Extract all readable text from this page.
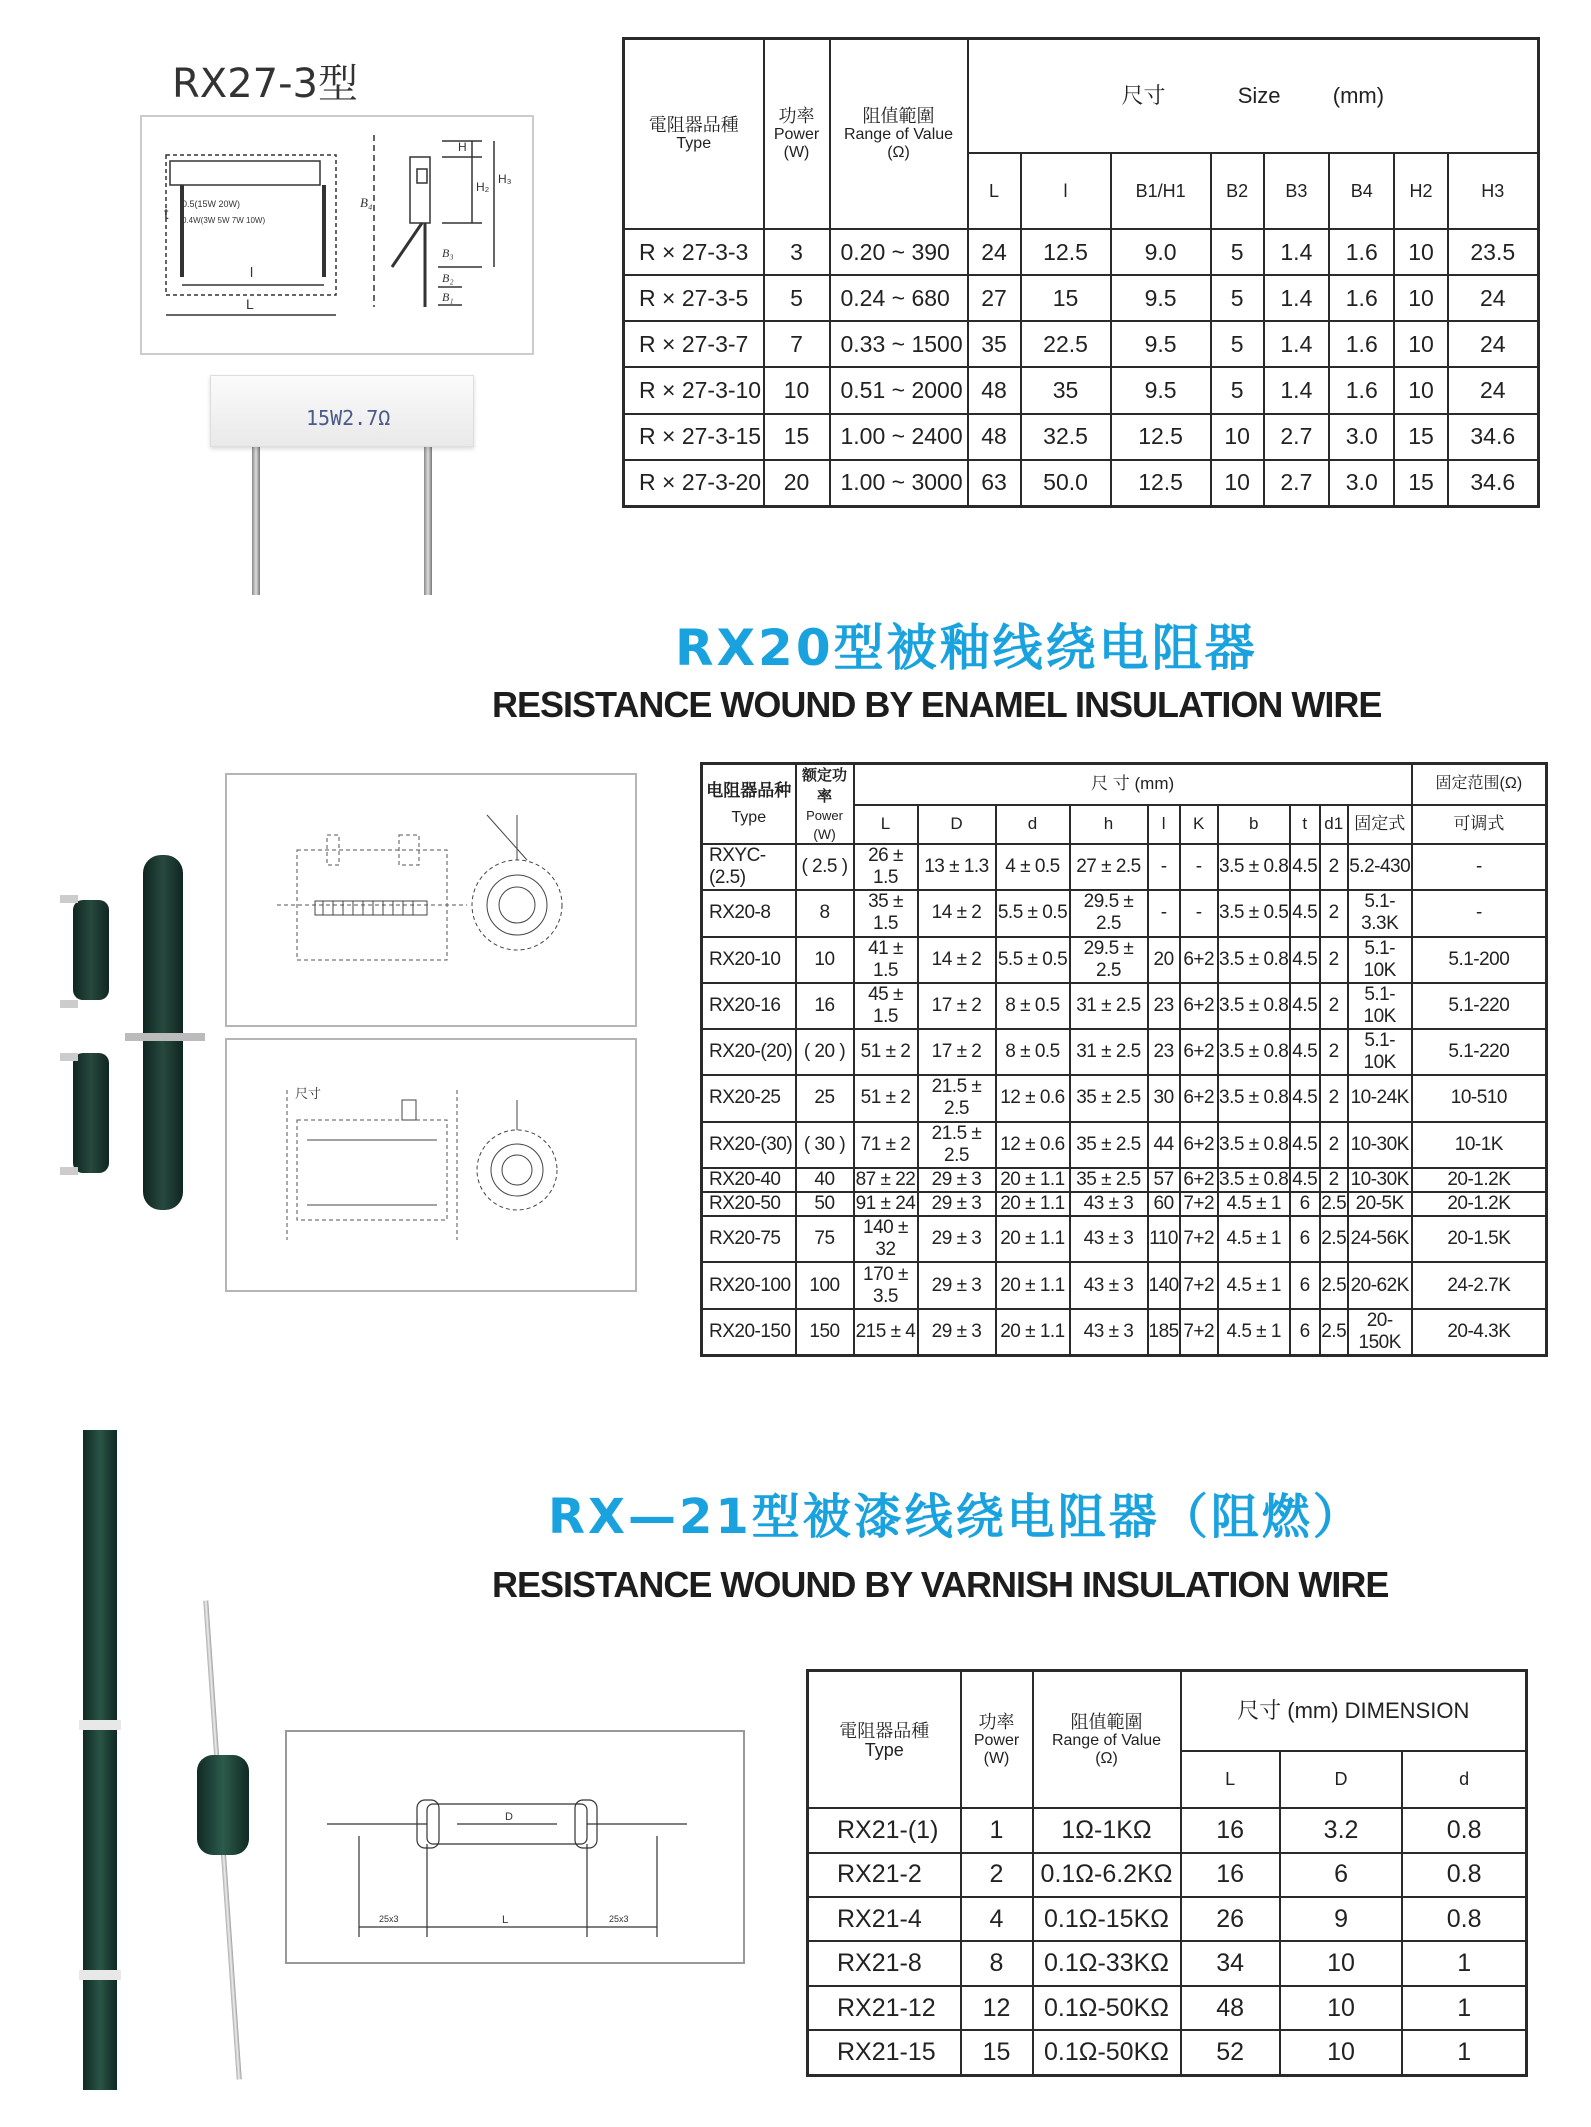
RX27-3型
0.5(15W 20W)
0.4W(3W 5W 7W 10W)
t
l
L
B₄
B₃
B₂
B₁
H
H₂
H₃
15W2.7Ω
電阻器品種
Type	功率
Power
(W)	阻值範圍
Range of Value
(Ω)	尺寸 Size (mm)							
			L	l	B1/H1	B2	B3	B4	H2	H3
R × 27-3-3	3	0.20 ~ 390	24	12.5	9.0	5	1.4	1.6	10	23.5
R × 27-3-5	5	0.24 ~ 680	27	15	9.5	5	1.4	1.6	10	24
R × 27-3-7	7	0.33 ~ 1500	35	22.5	9.5	5	1.4	1.6	10	24
R × 27-3-10	10	0.51 ~ 2000	48	35	9.5	5	1.4	1.6	10	24
R × 27-3-15	15	1.00 ~ 2400	48	32.5	12.5	10	2.7	3.0	15	34.6
R × 27-3-20	20	1.00 ~ 3000	63	50.0	12.5	10	2.7	3.0	15	34.6
RX20型被釉线绕电阻器
RESISTANCE WOUND BY ENAMEL INSULATION WIRE
尺寸
电阻器品种
Type	额定功率
Power
(W)	尺 寸 (mm)										固定范围(Ω)
		L	D	d	h	l	K	b	t	d1	固定式	可调式
RXYC-(2.5)	( 2.5 )	26 ± 1.5	13 ± 1.3	4 ± 0.5	27 ± 2.5	-	-	3.5 ± 0.8	4.5	2	5.2-430	-
RX20-8	8	35 ± 1.5	14 ± 2	5.5 ± 0.5	29.5 ± 2.5	-	-	3.5 ± 0.5	4.5	2	5.1-3.3K	-
RX20-10	10	41 ± 1.5	14 ± 2	5.5 ± 0.5	29.5 ± 2.5	20	6+2	3.5 ± 0.8	4.5	2	5.1-10K	5.1-200
RX20-16	16	45 ± 1.5	17 ± 2	8 ± 0.5	31 ± 2.5	23	6+2	3.5 ± 0.8	4.5	2	5.1-10K	5.1-220
RX20-(20)	( 20 )	51 ± 2	17 ± 2	8 ± 0.5	31 ± 2.5	23	6+2	3.5 ± 0.8	4.5	2	5.1-10K	5.1-220
RX20-25	25	51 ± 2	21.5 ± 2.5	12 ± 0.6	35 ± 2.5	30	6+2	3.5 ± 0.8	4.5	2	10-24K	10-510
RX20-(30)	( 30 )	71 ± 2	21.5 ± 2.5	12 ± 0.6	35 ± 2.5	44	6+2	3.5 ± 0.8	4.5	2	10-30K	10-1K
RX20-40	40	87 ± 22	29 ± 3	20 ± 1.1	35 ± 2.5	57	6+2	3.5 ± 0.8	4.5	2	10-30K	20-1.2K
RX20-50	50	91 ± 24	29 ± 3	20 ± 1.1	43 ± 3	60	7+2	4.5 ± 1	6	2.5	20-5K	20-1.2K
RX20-75	75	140 ± 32	29 ± 3	20 ± 1.1	43 ± 3	110	7+2	4.5 ± 1	6	2.5	24-56K	20-1.5K
RX20-100	100	170 ± 3.5	29 ± 3	20 ± 1.1	43 ± 3	140	7+2	4.5 ± 1	6	2.5	20-62K	24-2.7K
RX20-150	150	215 ± 4	29 ± 3	20 ± 1.1	43 ± 3	185	7+2	4.5 ± 1	6	2.5	20-150K	20-4.3K
RX—21型被漆线绕电阻器（阻燃）
RESISTANCE WOUND BY VARNISH INSULATION WIRE
D
L
25x3	25x3
電阻器品種
Type	功率
Power
(W)	阻值範圍
Range of Value
(Ω)	尺寸 (mm) DIMENSION		
			L	D	d
RX21-(1)	1	1Ω-1KΩ	16	3.2	0.8
RX21-2	2	0.1Ω-6.2KΩ	16	6	0.8
RX21-4	4	0.1Ω-15KΩ	26	9	0.8
RX21-8	8	0.1Ω-33KΩ	34	10	1
RX21-12	12	0.1Ω-50KΩ	48	10	1
RX21-15	15	0.1Ω-50KΩ	52	10	1
